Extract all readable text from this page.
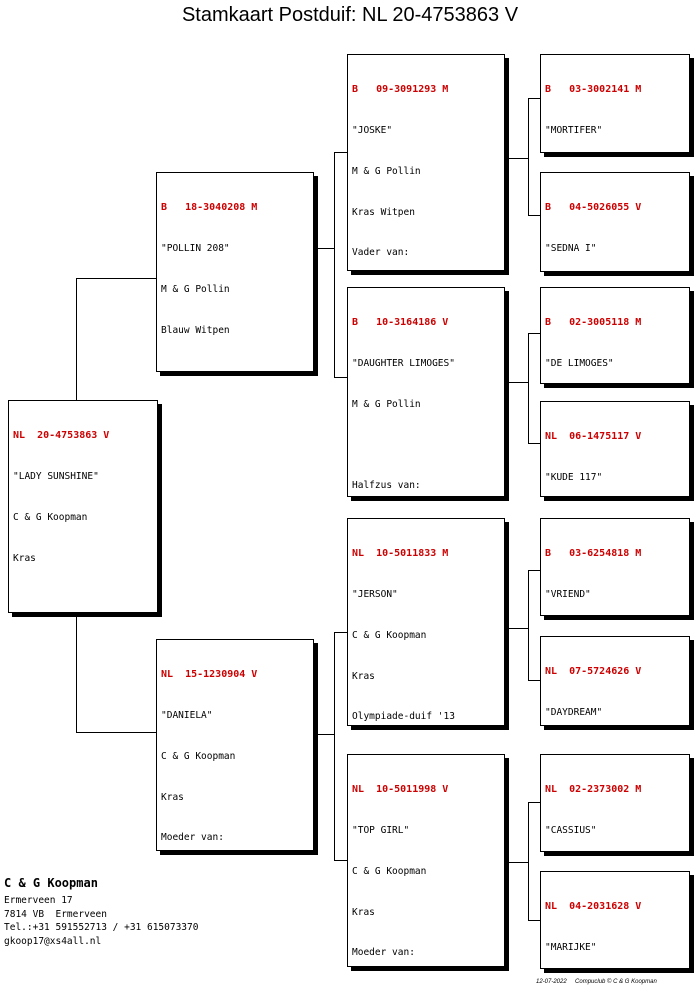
Stamkaart Postduif: NL 20-4753863 V

NL  20-4753863 V

"LADY SUNSHINE"

C & G Koopman

Kras

B   18-3040208 M

"POLLIN 208"

M & G Pollin

Blauw Witpen

NL  15-1230904 V

"DANIELA"

C & G Koopman

Kras

Moeder van:

B   09-3091293 M

"JOSKE"

M & G Pollin

Kras Witpen

Vader van:

B   10-3164186 V

"DAUGHTER LIMOGES"

M & G Pollin

Halfzus van:

NL  10-5011833 M

"JERSON"

C & G Koopman

Kras

Olympiade-duif '13

NL  10-5011998 V

"TOP GIRL"

C & G Koopman

Kras

Moeder van:

B   03-3002141 M

"MORTIFER"

B   04-5026055 V

"SEDNA I"

B   02-3005118 M

"DE LIMOGES"

NL  06-1475117 V

"KUDE 117"

B   03-6254818 M

"VRIEND"

NL  07-5724626 V

"DAYDREAM"

NL  02-2373002 M

"CASSIUS"

NL  04-2031628 V

"MARIJKE"

C & G Koopman
Ermerveen 17
7814 VB  Ermerveen
Tel.:+31 591552713 / +31 615073370
gkoop17@xs4all.nl
12-07-2022     Compuclub © C & G Koopman
